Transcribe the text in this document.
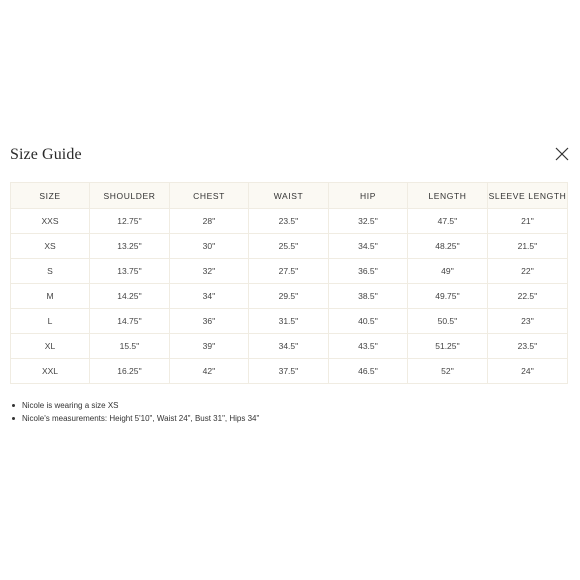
Size Guide
SIZE	SHOULDER	CHEST	WAIST	HIP	LENGTH	SLEEVE LENGTH
XXS	12.75''	28''	23.5''	32.5''	47.5''	21''
XS	13.25''	30''	25.5''	34.5''	48.25''	21.5''
S	13.75''	32''	27.5''	36.5''	49''	22''
M	14.25''	34''	29.5''	38.5''	49.75''	22.5''
L	14.75''	36''	31.5''	40.5''	50.5''	23''
XL	15.5''	39''	34.5''	43.5''	51.25''	23.5''
XXL	16.25''	42''	37.5''	46.5''	52''	24''
Nicole is wearing a size XS
Nicole's measurements: Height 5'10", Waist 24", Bust 31", Hips 34"
